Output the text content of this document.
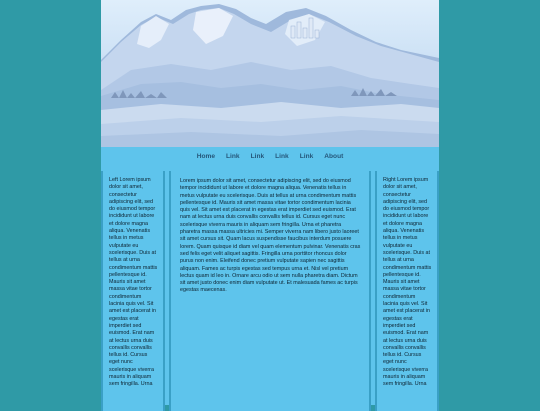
Home	Link	Link	Link	Link	About

Left Lorem ipsum dolor sit amet, consectetur adipiscing elit, sed do eiusmod tempor incididunt ut labore et dolore magna aliqua. Venenatis tellus in metus vulputate eu scelerisque. Duis at tellus at urna condimentum mattis pellentesque id. Mauris sit amet massa vitae tortor condimentum lacinia quis vel. Sit amet est placerat in egestas erat imperdiet sed euismod. Erat nam at lectus urna duis convallis convallis tellus id. Cursus eget nunc scelerisque viverra mauris in aliquam sem fringilla. Urna

Lorem ipsum dolor sit amet, consectetur adipiscing elit, sed do eiusmod tempor incididunt ut labore et dolore magna aliqua. Venenatis tellus in metus vulputate eu scelerisque. Duis at tellus at urna condimentum mattis pellentesque id. Mauris sit amet massa vitae tortor condimentum lacinia quis vel. Sit amet est placerat in egestas erat imperdiet sed euismod. Erat nam at lectus urna duis convallis convallis tellus id. Cursus eget nunc scelerisque viverra mauris in aliquam sem fringilla. Urna et pharetra pharetra massa massa ultricies mi. Semper viverra nam libero justo laoreet sit amet cursus sit. Quam lacus suspendisse faucibus interdum posuere lorem. Quam quisque id diam vel quam elementum pulvinar. Venenatis cras sed felis eget velit aliquet sagittis. Fringilla urna porttitor rhoncus dolor purus non enim. Eleifend donec pretium vulputate sapien nec sagittis aliquam. Fames ac turpis egestas sed tempus urna et. Nisl vel pretium lectus quam id leo in. Ornare arcu odio ut sem nulla pharetra diam. Dictum sit amet justo donec enim diam vulputate ut. Et malesuada fames ac turpis egestas maecenas.

Right Lorem ipsum dolor sit amet, consectetur adipiscing elit, sed do eiusmod tempor incididunt ut labore et dolore magna aliqua. Venenatis tellus in metus vulputate eu scelerisque. Duis at tellus at urna condimentum mattis pellentesque id. Mauris sit amet massa vitae tortor condimentum lacinia quis vel. Sit amet est placerat in egestas erat imperdiet sed euismod. Erat nam at lectus urna duis convallis convallis tellus id. Cursus eget nunc scelerisque viverra mauris in aliquam sem fringilla. Urna
